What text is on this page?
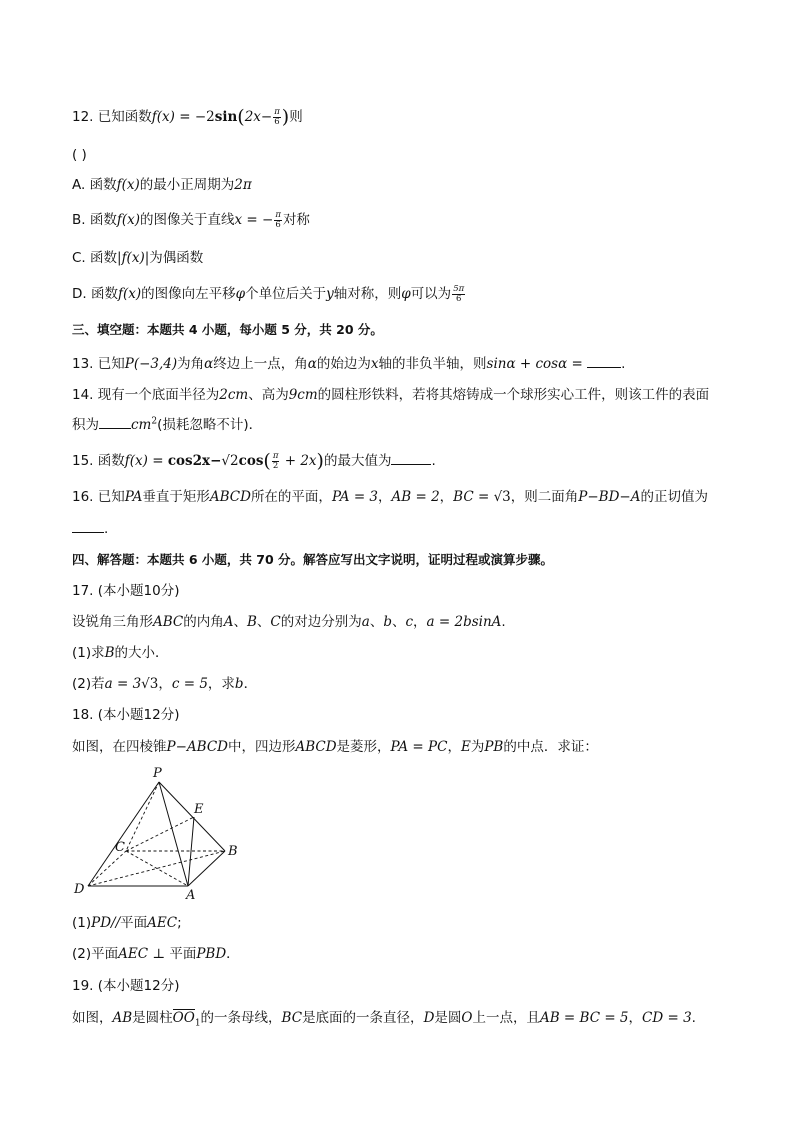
12. 已知函数$f(x) = -2\sin(2x- \frac{\pi}{6}$ )则
( )
A. 函数f(x)的最小正周期为2π
B. 函数f(x)的图像关于直线x = − $\frac{\pi}{6}$ 对称
C. 函数|f(x)|为偶函数
D. 函数f(x)的图像向左平移φ个单位后关于y轴对称，则φ可以为 $\frac{5\pi}{6}$
三、填空题：本题共 4 小题，每小题 5 分，共 20 分。
13. 已知P(−3,4)为角α终边上一点，角α的始边为x轴的非负半轴，则sinα + cosα =	.
14. 现有一个底面半径为2cm、高为9cm的圆柱形铁料，若将其熔铸成一个球形实心工件，则该工件的表面
积为 $cm^2$(损耗忽略不计)．
15. 函数$f(x) = \cos 2x-√2\cos( \frac{\pi}{2} + 2x)$的最大值为	.
16. 已知PA垂直于矩形ABCD所在的平面，PA = 3，AB = 2，BC = √3，则二面角P−BD−A的正切值为
.
四、解答题：本题共 6 小题，共 70 分。解答应写出文字说明，证明过程或演算步骤。
17. (本小题10分)
设锐角三角形ABC的内角A、B、C的对边分别为a、b、c，a = 2bsinA.
(1)求B的大小．
(2)若a = 3√3，c = 5，求b．
18. (本小题12分)
如图，在四棱锥P−ABCD中，四边形ABCD是菱形，PA = PC，E为PB的中点．求证：
P
E
C	B
D	A
(1)PD//平面AEC;
(2)平面AEC ⊥ 平面PBD．
19. (本小题12分)
如图，AB是圆柱$OO_1$的一条母线，BC是底面的一条直径，D是圆O上一点，且AB = BC = 5，CD = 3.
